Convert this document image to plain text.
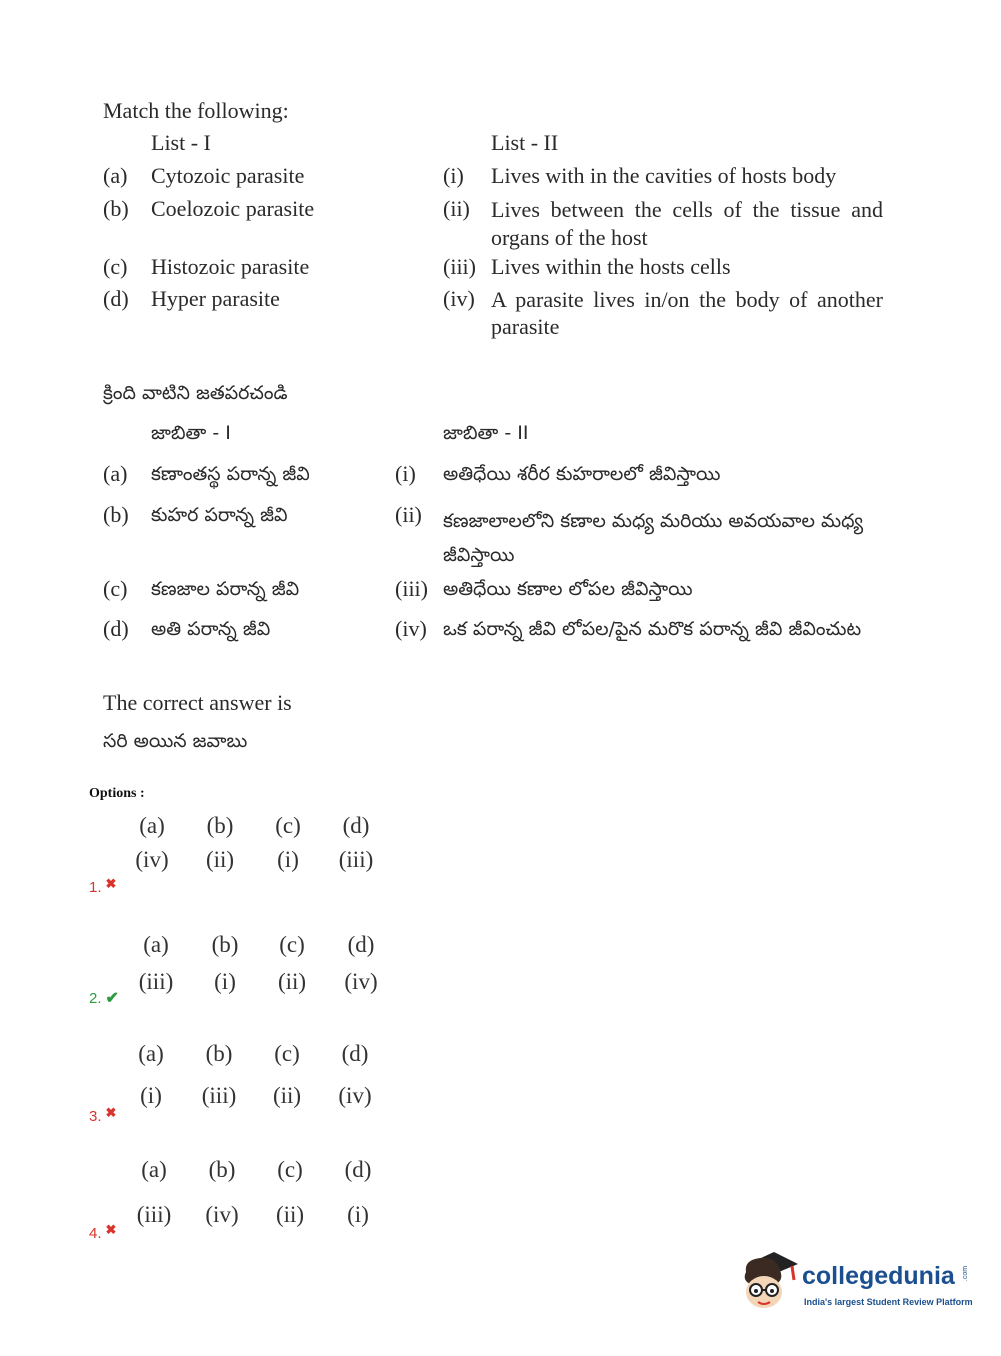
Match the following:
List - I	List - II
(a) Cytozoic parasite	(i) Lives with in the cavities of hosts body
(b) Coelozoic parasite	(ii) Lives between the cells of the tissue and organs of the host
(c) Histozoic parasite	(iii) Lives within the hosts cells
(d) Hyper parasite	(iv) A parasite lives in/on the body of another parasite
క్రింది వాటిని జతపరచండి
జాబితా - I	జాబితా - II
(a) కణాంతస్థ పరాన్న జీవి	(i) అతిధేయి శరీర కుహరాలలో జీవిస్తాయి
(b) కుహర పరాన్న జీవి	(ii) కణజాలాలలోని కణాల మధ్య మరియు అవయవాల మధ్య జీవిస్తాయి
(c) కణజాల పరాన్న జీవి	(iii) అతిధేయి కణాల లోపల జీవిస్తాయి
(d) అతి పరాన్న జీవి	(iv) ఒక పరాన్న జీవి లోపల/పైన మరొక పరాన్న జీవి జీవించుట
The correct answer is
సరి అయిన జవాబు
Options :
(a)	(b)	(c)	(d)
(iv)	(ii)	(i)	(iii)
1. ✖
(a)	(b)	(c)	(d)
(iii)	(i)	(ii)	(iv)
2. ✔
(a)	(b)	(c)	(d)
(i)	(iii)	(ii)	(iv)
3. ✖
(a)	(b)	(c)	(d)
(iii)	(iv)	(ii)	(i)
4. ✖
collegedunia .com
India's largest Student Review Platform
